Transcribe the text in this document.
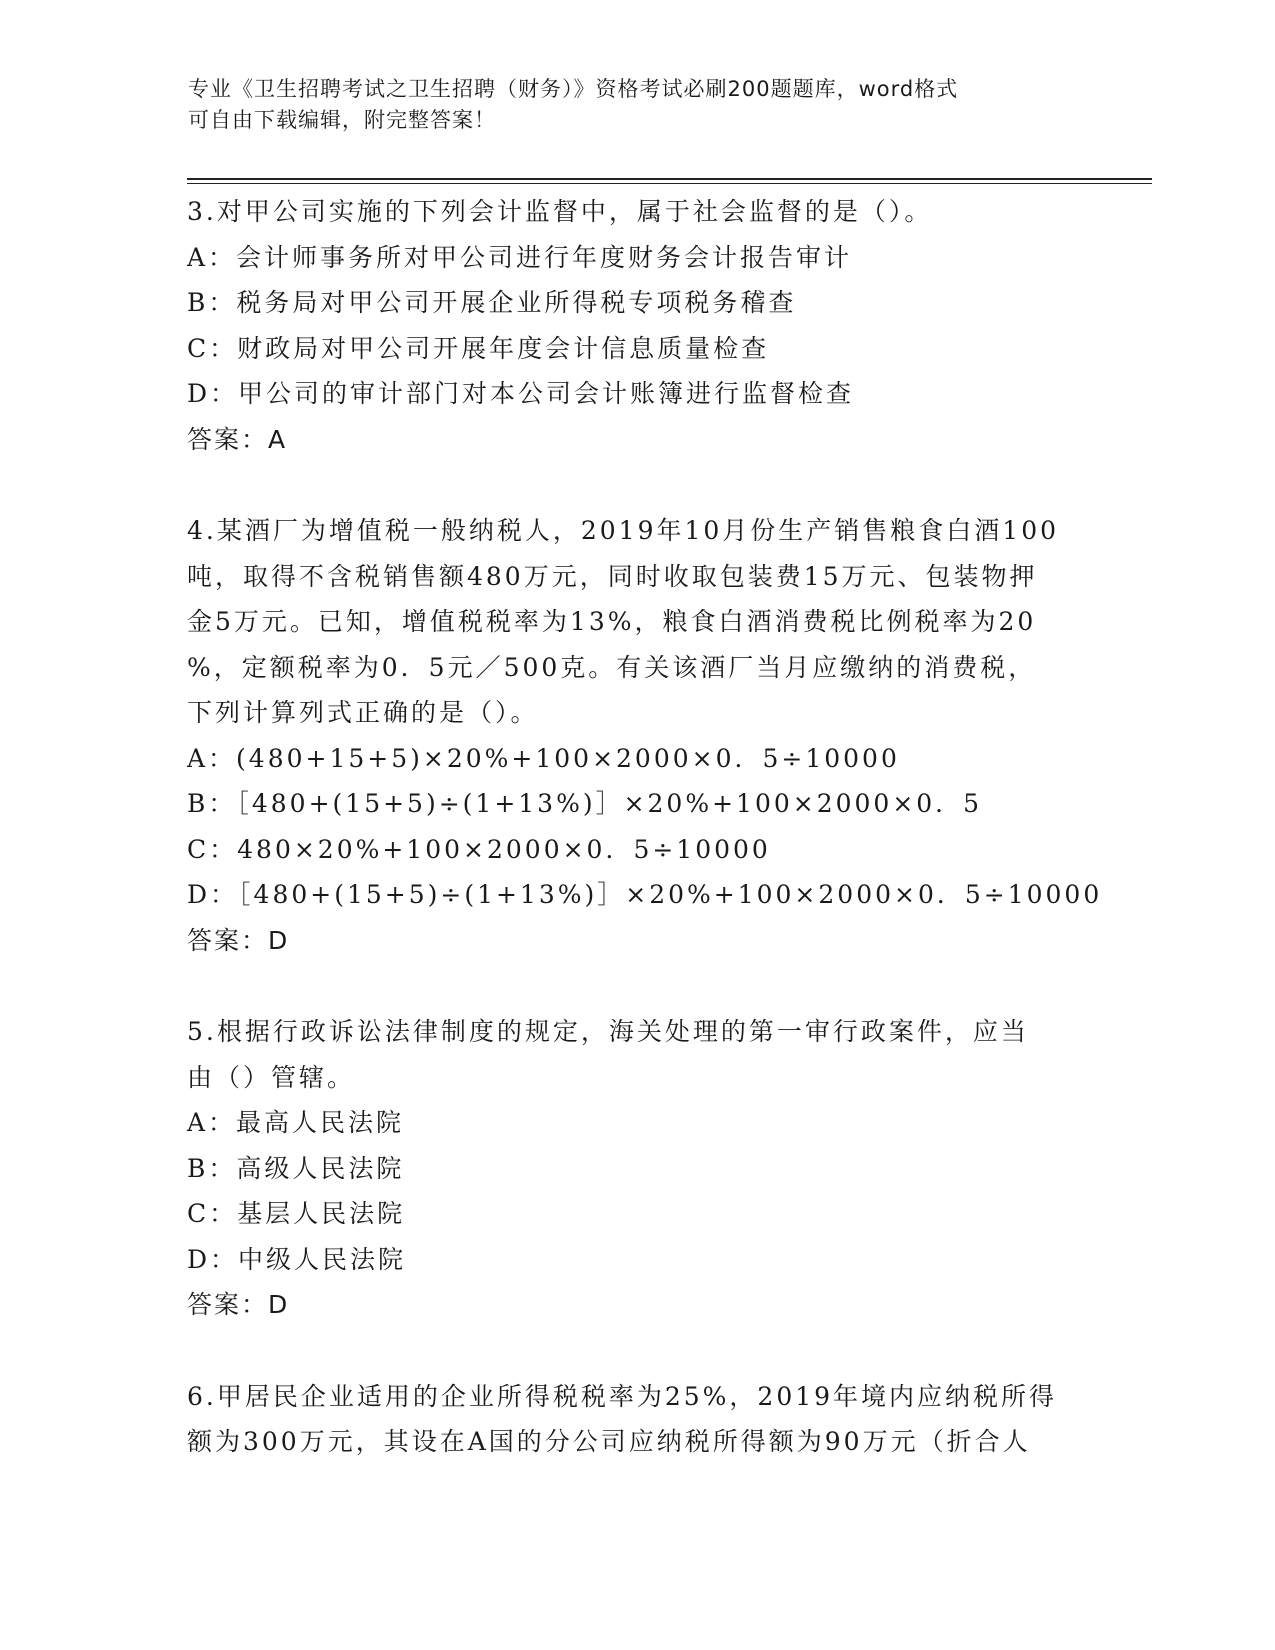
专业《卫生招聘考试之卫生招聘（财务）》资格考试必刷200题题库，word格式
可自由下载编辑，附完整答案！
3.对甲公司实施的下列会计监督中，属于社会监督的是（）。
A：会计师事务所对甲公司进行年度财务会计报告审计
B：税务局对甲公司开展企业所得税专项税务稽查
C：财政局对甲公司开展年度会计信息质量检查
D：甲公司的审计部门对本公司会计账簿进行监督检查
答案：A
4.某酒厂为增值税一般纳税人，2019年10月份生产销售粮食白酒100
吨，取得不含税销售额480万元，同时收取包装费15万元、包装物押
金5万元。已知，增值税税率为13%，粮食白酒消费税比例税率为20
%，定额税率为0．5元／500克。有关该酒厂当月应缴纳的消费税，
下列计算列式正确的是（）。
A：(480+15+5)×20%+100×2000×0．5÷10000
B：［480+(15+5)÷(1+13%)］×20%+100×2000×0．5
C：480×20%+100×2000×0．5÷10000
D：［480+(15+5)÷(1+13%)］×20%+100×2000×0．5÷10000
答案：D
5.根据行政诉讼法律制度的规定，海关处理的第一审行政案件，应当
由（）管辖。
A：最高人民法院
B：高级人民法院
C：基层人民法院
D：中级人民法院
答案：D
6.甲居民企业适用的企业所得税税率为25%，2019年境内应纳税所得
额为300万元，其设在A国的分公司应纳税所得额为90万元（折合人
